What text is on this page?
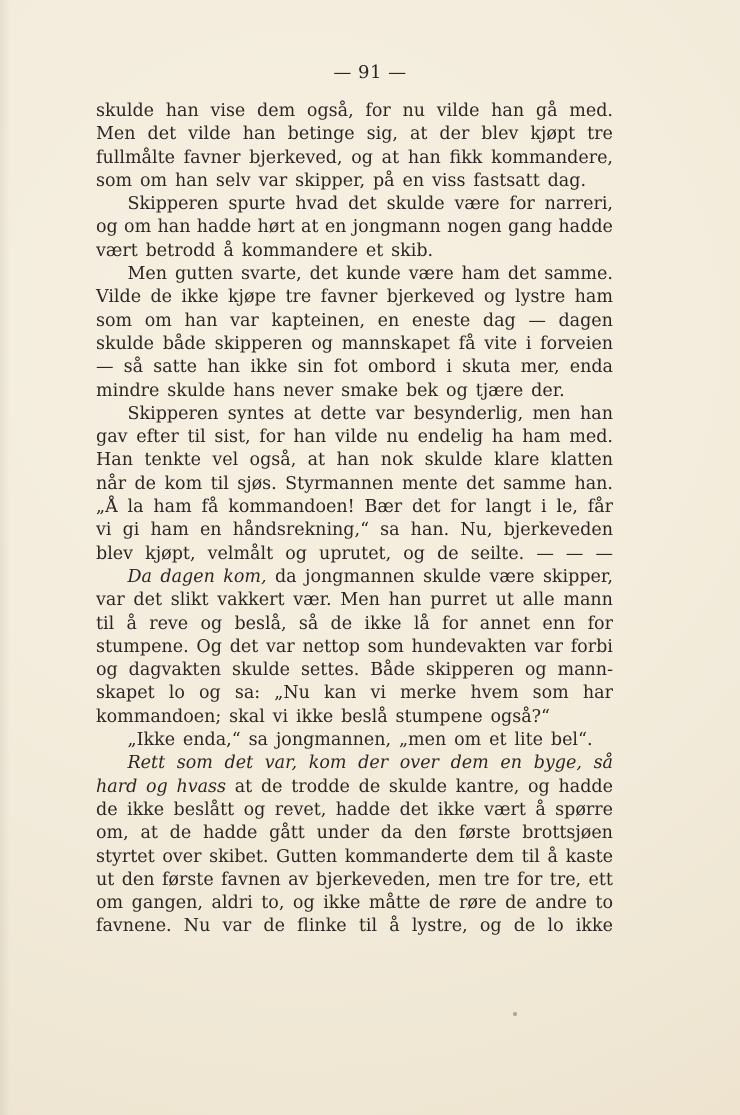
— 91 —
skulde han vise dem også, for nu vilde han gå med.
Men det vilde han betinge sig, at der blev kjøpt tre
fullmålte favner bjerkeved, og at han fikk kommandere,
som om han selv var skipper, på en viss fastsatt dag.
Skipperen spurte hvad det skulde være for narreri,
og om han hadde hørt at en jongmann nogen gang hadde
vært betrodd å kommandere et skib.
Men gutten svarte, det kunde være ham det samme.
Vilde de ikke kjøpe tre favner bjerkeved og lystre ham
som om han var kapteinen, en eneste dag — dagen
skulde både skipperen og mannskapet få vite i forveien
— så satte han ikke sin fot ombord i skuta mer, enda
mindre skulde hans never smake bek og tjære der.
Skipperen syntes at dette var besynderlig, men han
gav efter til sist, for han vilde nu endelig ha ham med.
Han tenkte vel også, at han nok skulde klare klatten
når de kom til sjøs. Styrmannen mente det samme han.
„Å la ham få kommandoen! Bær det for langt i le, får
vi gi ham en håndsrekning,“ sa han. Nu, bjerkeveden
blev kjøpt, velmålt og uprutet, og de seilte. — — —
Da dagen kom, da jongmannen skulde være skipper,
var det slikt vakkert vær. Men han purret ut alle mann
til å reve og beslå, så de ikke lå for annet enn for
stumpene. Og det var nettop som hundevakten var forbi
og dagvakten skulde settes. Både skipperen og mann-
skapet lo og sa: „Nu kan vi merke hvem som har
kommandoen; skal vi ikke beslå stumpene også?“
„Ikke enda,“ sa jongmannen, „men om et lite bel“.
Rett som det var, kom der over dem en byge, så
hard og hvass at de trodde de skulde kantre, og hadde
de ikke beslått og revet, hadde det ikke vært å spørre
om, at de hadde gått under da den første brottsjøen
styrtet over skibet. Gutten kommanderte dem til å kaste
ut den første favnen av bjerkeveden, men tre for tre, ett
om gangen, aldri to, og ikke måtte de røre de andre to
favnene. Nu var de flinke til å lystre, og de lo ikke
